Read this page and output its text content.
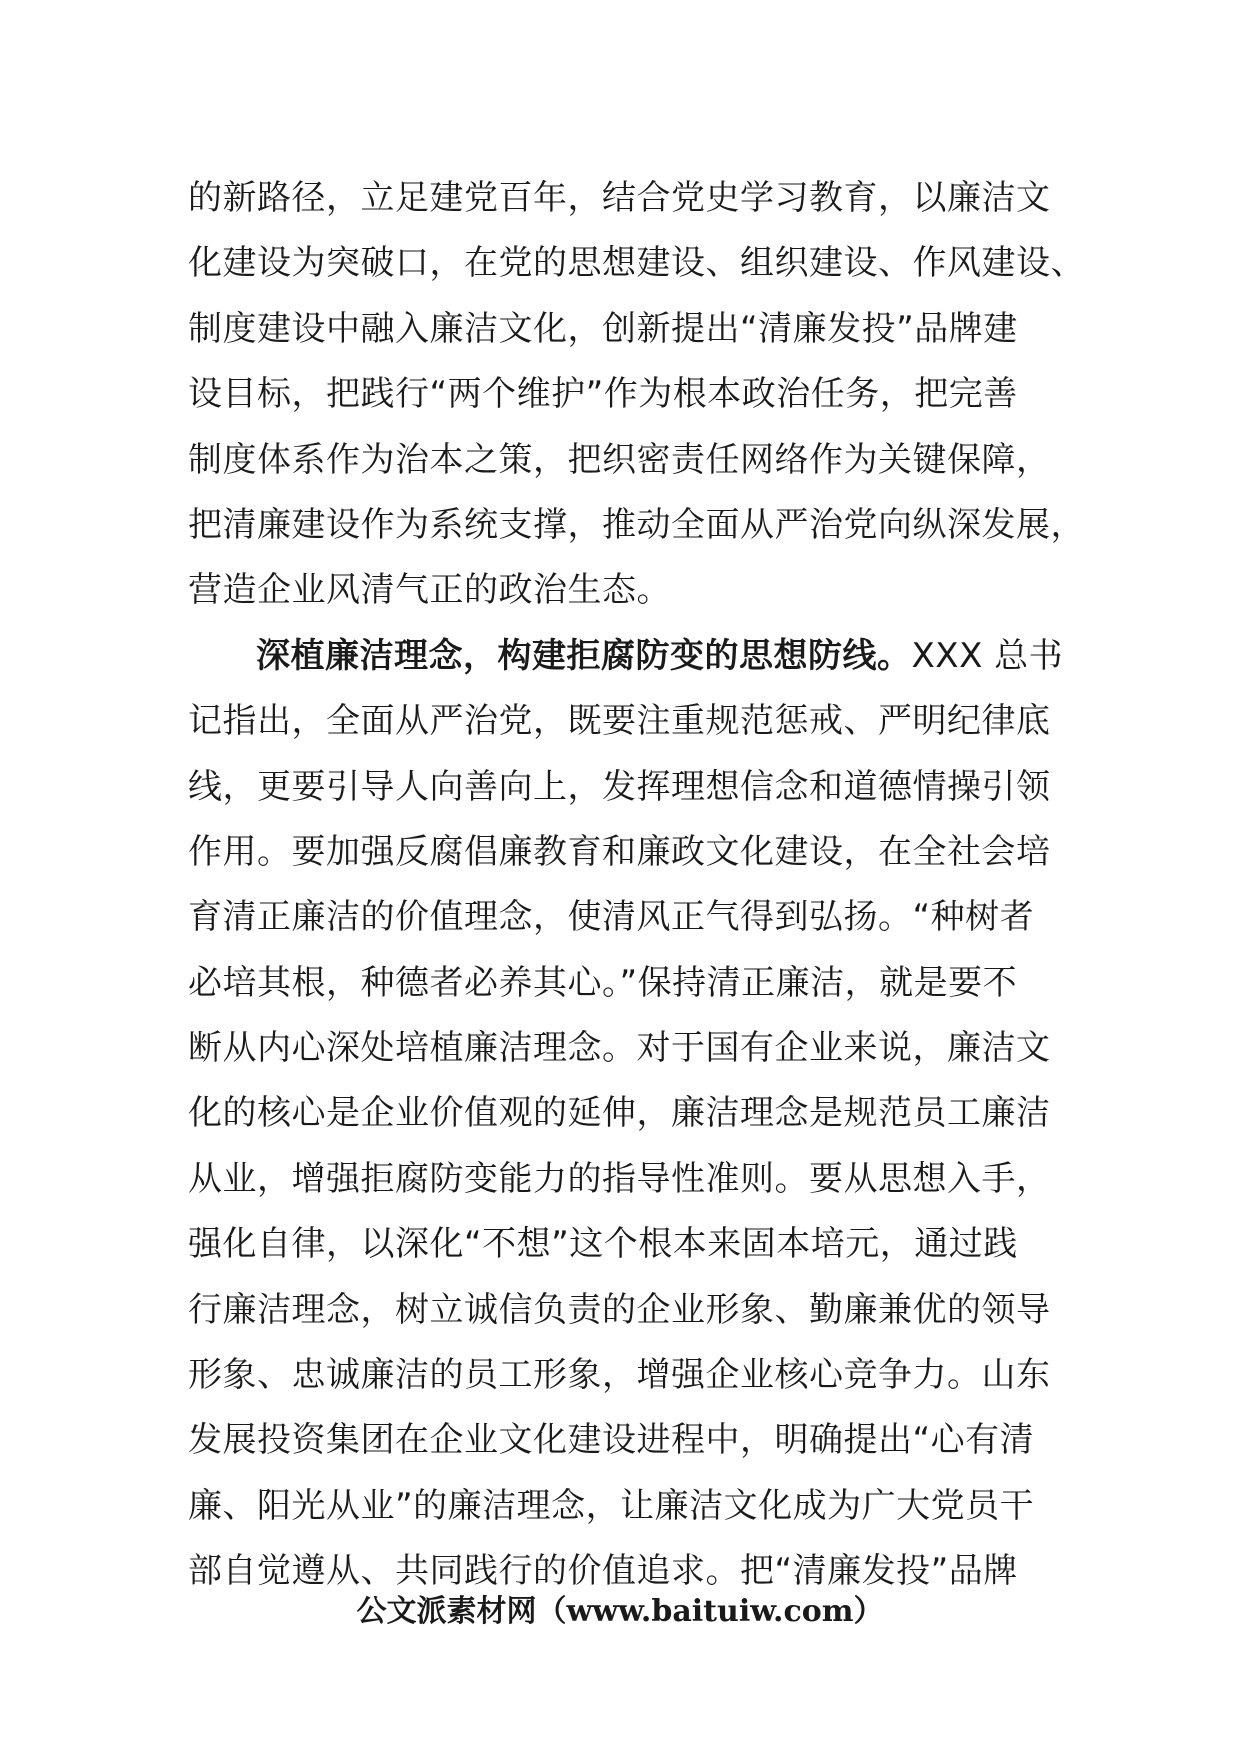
的新路径，立足建党百年，结合党史学习教育，以廉洁文
化建设为突破口，在党的思想建设、组织建设、作风建设、
制度建设中融入廉洁文化，创新提出“清廉发投”品牌建
设目标，把践行“两个维护”作为根本政治任务，把完善
制度体系作为治本之策，把织密责任网络作为关键保障，
把清廉建设作为系统支撑，推动全面从严治党向纵深发展，
营造企业风清气正的政治生态。
深植廉洁理念，构建拒腐防变的思想防线。XXX 总书
记指出，全面从严治党，既要注重规范惩戒、严明纪律底
线，更要引导人向善向上，发挥理想信念和道德情操引领
作用。要加强反腐倡廉教育和廉政文化建设，在全社会培
育清正廉洁的价值理念，使清风正气得到弘扬。“种树者
必培其根，种德者必养其心。”保持清正廉洁，就是要不
断从内心深处培植廉洁理念。对于国有企业来说，廉洁文
化的核心是企业价值观的延伸，廉洁理念是规范员工廉洁
从业，增强拒腐防变能力的指导性准则。要从思想入手，
强化自律，以深化“不想”这个根本来固本培元，通过践
行廉洁理念，树立诚信负责的企业形象、勤廉兼优的领导
形象、忠诚廉洁的员工形象，增强企业核心竞争力。山东
发展投资集团在企业文化建设进程中，明确提出“心有清
廉、阳光从业”的廉洁理念，让廉洁文化成为广大党员干
部自觉遵从、共同践行的价值追求。把“清廉发投”品牌
公文派素材网（www.baituiw.com）
